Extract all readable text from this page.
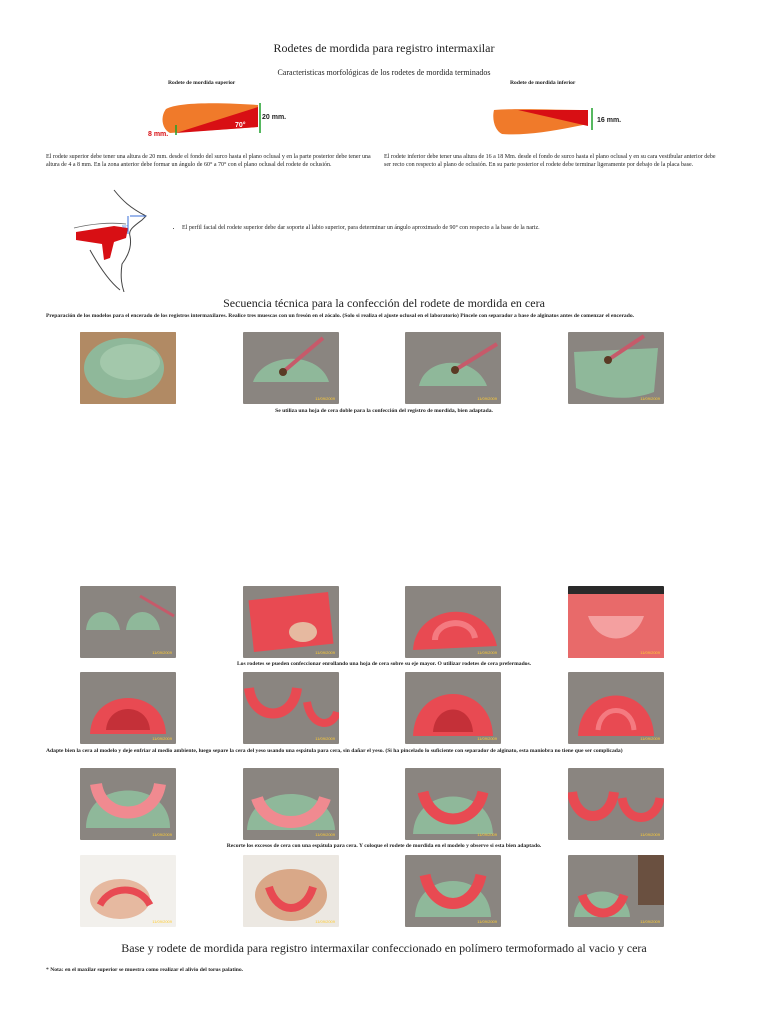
Rodetes de mordida para registro intermaxilar
Caracteristicas morfológicas de los rodetes de mordida terminados
Rodete de mordida superior
20 mm.
8 mm.
70°
Rodete de mordida inferior
16 mm.
El rodete superior debe tener una altura de 20 mm. desde el fondo del surco hasta el plano oclusal y en la parte posterior debe tener una altura de 4 a 8 mm. En la zona anterior debe formar un ángulo de 60° a 70° con el plano oclusal del rodete de oclusión.
El rodete inferior debe tener una altura de 16 a 18 Mm. desde el fondo de surco hasta el plano oclusal y en su cara vestibular anterior debe ser recto con respecto al plano de oclusión. En su parte posterior el rodete debe terminar ligeramente por debajo de la placa base.
90°
•	El perfil facial del rodete superior debe dar soporte al labio superior, para determinar un ángulo aproximado de 90° con respecto a la base de la nariz.
Secuencia técnica para la confección del rodete de mordida en cera
Preparación de los modelos para el encerado de los registros intermaxilares. Realice tres muescas con un fresón en el zócalo. (Solo si realiza el ajuste oclusal en el laboratorio) Pincele con separador a base de alginatos antes de comenzar el encerado.
11/09/2009	11/09/2009	11/09/2009
Se utiliza una hoja de cera doble para la confección del registro de mordida, bien adaptada.
11/09/2009	11/09/2009	11/09/2009	11/09/2009
Los rodetes se pueden confeccionar enrollando una hoja de cera sobre su eje mayor. O utilizar rodetes de cera prefermados.
11/09/2009	11/09/2009	11/09/2009	11/09/2009
Adapte bien la cera al modelo y deje enfriar al medio ambiente, luego separe la cera del yeso usando una espátula para cera, sin dañar el yeso. (Si ha pincelado lo suficiente con separador de alginato, esta maniobra no tiene que ser complicada)
11/09/2009	11/09/2009	11/09/2009	11/09/2009
Recorte los excesos de cera con una espátula para cera. Y coloque el rodete de mordida en el modelo y observe si esta bien adaptado.
11/09/2009	11/09/2009	11/09/2009	11/09/2009
Base y rodete de mordida para registro intermaxilar confeccionado en polímero termoformado al vacio y cera
* Nota: en el maxilar superior se muestra como realizar el alivio del torus palatino.
